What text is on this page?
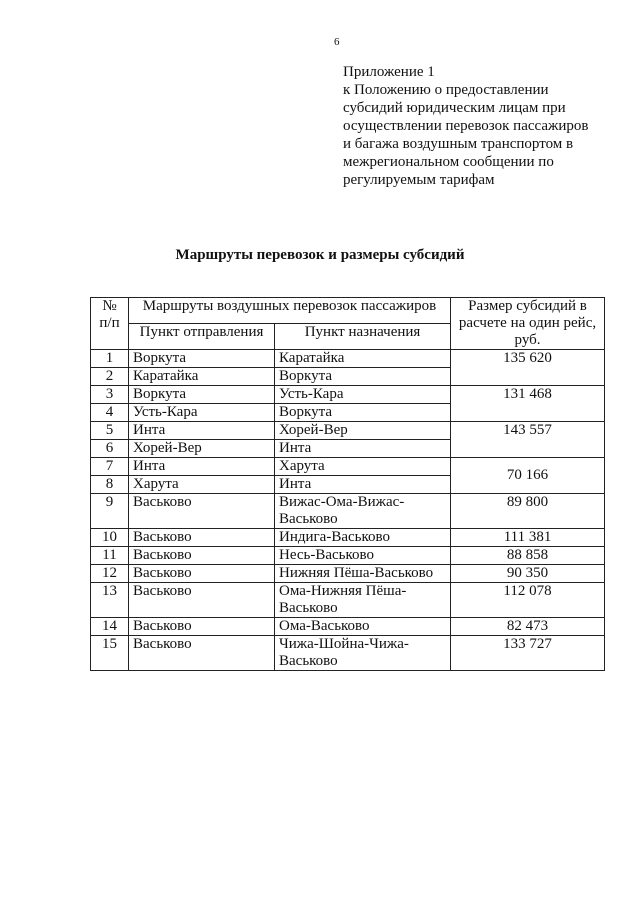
6
Приложение 1
к Положению о предоставлении
субсидий юридическим лицам при
осуществлении перевозок пассажиров
и багажа воздушным транспортом в
межрегиональном сообщении по
регулируемым тарифам
Маршруты перевозок и размеры субсидий
№ п/п	Маршруты воздушных перевозок пассажиров		Размер субсидий в расчете на один рейс, руб.
	Пункт отправления	Пункт назначения	
1	Воркута	Каратайка	135 620
2	Каратайка	Воркута	
3	Воркута	Усть-Кара	131 468
4	Усть-Кара	Воркута	
5	Инта	Хорей-Вер	143 557
6	Хорей-Вер	Инта	
7	Инта	Харута	70 166
8	Харута	Инта	
9	Васьково	Вижас-Ома-Вижас-Васьково	89 800
10	Васьково	Индига-Васьково	111 381
11	Васьково	Несь-Васьково	88 858
12	Васьково	Нижняя Пёша-Васьково	90 350
13	Васьково	Ома-Нижняя Пёша-Васьково	112 078
14	Васьково	Ома-Васьково	82 473
15	Васьково	Чижа-Шойна-Чижа-Васьково	133 727
